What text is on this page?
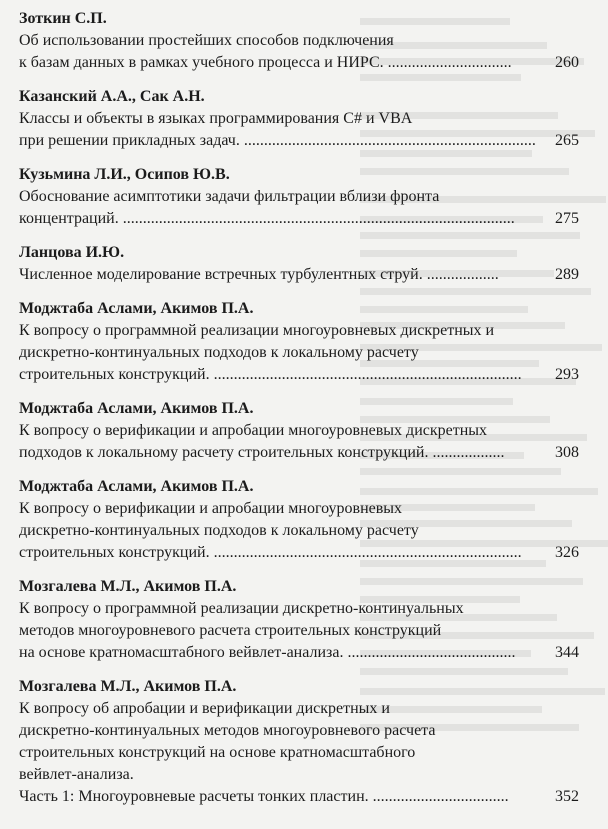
Зоткин С.П.
Об использовании простейших способов подключения
к базам данных в рамках учебного процесса и НИРС. ...............................	260
Казанский А.А., Сак А.Н.
Классы и объекты в языках программирования C# и VBA
при решении прикладных задач. ......................................................................... 265
Кузьмина Л.И., Осипов Ю.В.
Обоснование асимптотики задачи фильтрации вблизи фронта
концентраций. ..................................................................................................	275
Ланцова И.Ю.
Численное моделирование встречных турбулентных струй. ..................	289
Моджтаба Аслами, Акимов П.А.
К вопросу о программной реализации многоуровневых дискретных и
дискретно-континуальных подходов к локальному расчету
строительных конструкций. ............................................................................. 293
Моджтаба Аслами, Акимов П.А.
К вопросу о верификации и апробации многоуровневых дискретных
подходов к локальному расчету строительных конструкций. ..................	308
Моджтаба Аслами, Акимов П.А.
К вопросу о верификации и апробации многоуровневых
дискретно-континуальных подходов к локальному расчету
строительных конструкций. ............................................................................. 326
Мозгалева М.Л., Акимов П.А.
К вопросу о программной реализации дискретно-континуальных
методов многоуровневого расчета строительных конструкций
на основе кратномасштабного вейвлет-анализа. .......................................... 344
Мозгалева М.Л., Акимов П.А.
К вопросу об апробации и верификации дискретных и
дискретно-континуальных методов многоуровневого расчета
строительных конструкций на основе кратномасштабного
вейвлет-анализа.
Часть 1: Многоуровневые расчеты тонких пластин. ..................................	352
